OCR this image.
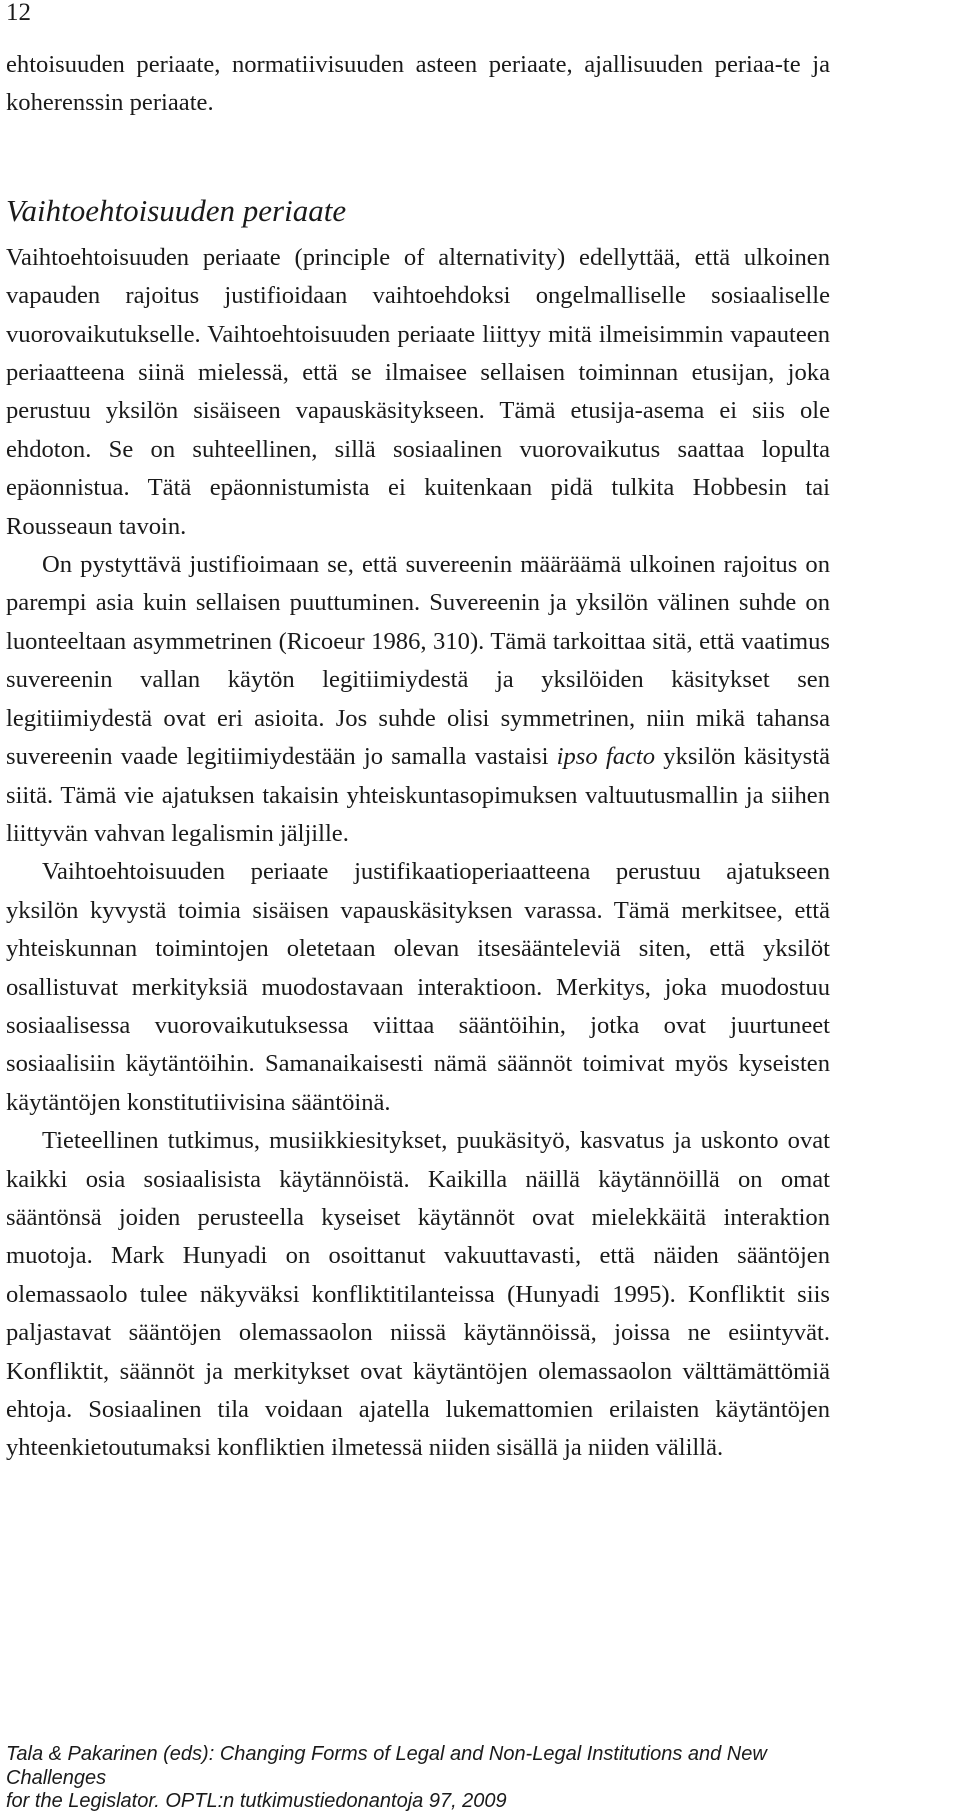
12

ehtoisuuden periaate, normatiivisuuden asteen periaate, ajallisuuden periaa-te ja koherenssin periaate.

Vaihtoehtoisuuden periaate

Vaihtoehtoisuuden periaate (principle of alternativity) edellyttää, että ulkoinen vapauden rajoitus justifioidaan vaihtoehdoksi ongelmalliselle sosiaaliselle vuorovaikutukselle. Vaihtoehtoisuuden periaate liittyy mitä ilmeisimmin vapauteen periaatteena siinä mielessä, että se ilmaisee sellaisen toiminnan etusijan, joka perustuu yksilön sisäiseen vapauskäsitykseen. Tämä etusija-asema ei siis ole ehdoton. Se on suhteellinen, sillä sosiaalinen vuorovaikutus saattaa lopulta epäonnistua. Tätä epäonnistumista ei kuitenkaan pidä tulkita Hobbesin tai Rousseaun tavoin.

On pystyttävä justifioimaan se, että suvereenin määräämä ulkoinen rajoitus on parempi asia kuin sellaisen puuttuminen. Suvereenin ja yksilön välinen suhde on luonteeltaan asymmetrinen (Ricoeur 1986, 310). Tämä tarkoittaa sitä, että vaatimus suvereenin vallan käytön legitiimiydestä ja yksilöiden käsitykset sen legitiimiydestä ovat eri asioita. Jos suhde olisi symmetrinen, niin mikä tahansa suvereenin vaade legitiimiydestään jo samalla vastaisi ipso facto yksilön käsitystä siitä. Tämä vie ajatuksen takaisin yhteiskuntasopimuksen valtuutusmallin ja siihen liittyvän vahvan legalismin jäljille.

Vaihtoehtoisuuden periaate justifikaatioperiaatteena perustuu ajatukseen yksilön kyvystä toimia sisäisen vapauskäsityksen varassa. Tämä merkitsee, että yhteiskunnan toimintojen oletetaan olevan itsesäänteleviä siten, että yksilöt osallistuvat merkityksiä muodostavaan interaktioon. Merkitys, joka muodostuu sosiaalisessa vuorovaikutuksessa viittaa sääntöihin, jotka ovat juurtuneet sosiaalisiin käytäntöihin. Samanaikaisesti nämä säännöt toimivat myös kyseisten käytäntöjen konstitutiivisina sääntöinä.

Tieteellinen tutkimus, musiikkiesitykset, puukäsityö, kasvatus ja uskonto ovat kaikki osia sosiaalisista käytännöistä. Kaikilla näillä käytännöillä on omat sääntönsä joiden perusteella kyseiset käytännöt ovat mielekkäitä interaktion muotoja. Mark Hunyadi on osoittanut vakuuttavasti, että näiden sääntöjen olemassaolo tulee näkyväksi konfliktitilanteissa (Hunyadi 1995). Konfliktit siis paljastavat sääntöjen olemassaolon niissä käytännöissä, joissa ne esiintyvät. Konfliktit, säännöt ja merkitykset ovat käytäntöjen olemassaolon välttämättömiä ehtoja. Sosiaalinen tila voidaan ajatella lukemattomien erilaisten käytäntöjen yhteenkietoutumaksi konfliktien ilmetessä niiden sisällä ja niiden välillä.

Tala & Pakarinen (eds): Changing Forms of Legal and Non-Legal Institutions and New Challenges
for the Legislator. OPTL:n tutkimustiedonantoja 97, 2009
